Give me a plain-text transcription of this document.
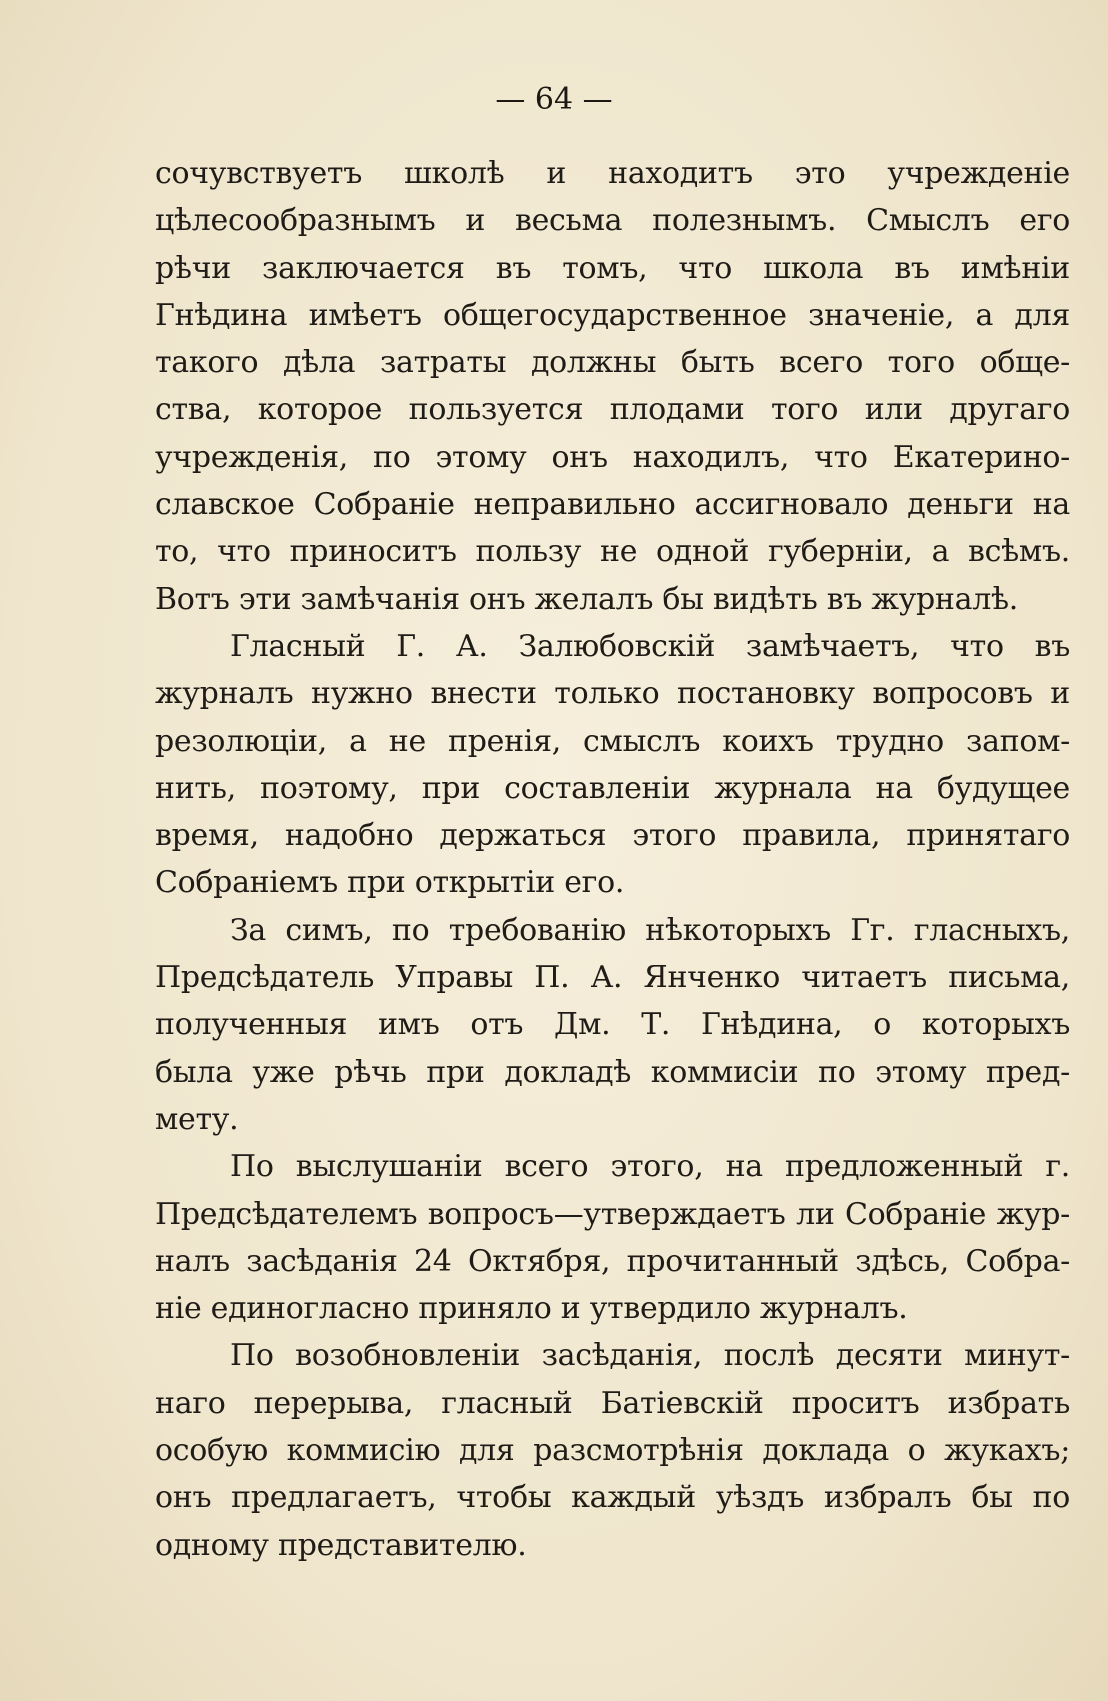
— 64 —
сочувствуетъ школѣ и находитъ это учрежденіе
цѣлесообразнымъ и весьма полезнымъ. Смыслъ его
рѣчи заключается въ томъ, что школа въ имѣніи
Гнѣдина имѣетъ общегосударственное значеніе, а для
такого дѣла затраты должны быть всего того обще-
ства, которое пользуется плодами того или другаго
учрежденія, по этому онъ находилъ, что Екатерино-
славское Собраніе неправильно ассигновало деньги на
то, что приноситъ пользу не одной губерніи, а всѣмъ.
Вотъ эти замѣчанія онъ желалъ бы видѣть въ журналѣ.
Гласный Г. А. Залюбовскій замѣчаетъ, что въ
журналъ нужно внести только постановку вопросовъ и
резолюціи, а не пренія, смыслъ коихъ трудно запом-
нить, поэтому, при составленіи журнала на будущее
время, надобно держаться этого правила, принятаго
Собраніемъ при открытіи его.
За симъ, по требованію нѣкоторыхъ Гг. гласныхъ,
Предсѣдатель Управы П. А. Янченко читаетъ письма,
полученныя имъ отъ Дм. Т. Гнѣдина, о которыхъ
была уже рѣчь при докладѣ коммисіи по этому пред-
мету.
По выслушаніи всего этого, на предложенный г.
Предсѣдателемъ вопросъ—утверждаетъ ли Собраніе жур-
налъ засѣданія 24 Октября, прочитанный здѣсь, Собра-
ніе единогласно приняло и утвердило журналъ.
По возобновленіи засѣданія, послѣ десяти минут-
наго перерыва, гласный Батіевскій проситъ избрать
особую коммисію для разсмотрѣнія доклада о жукахъ;
онъ предлагаетъ, чтобы каждый уѣздъ избралъ бы по
одному представителю.
